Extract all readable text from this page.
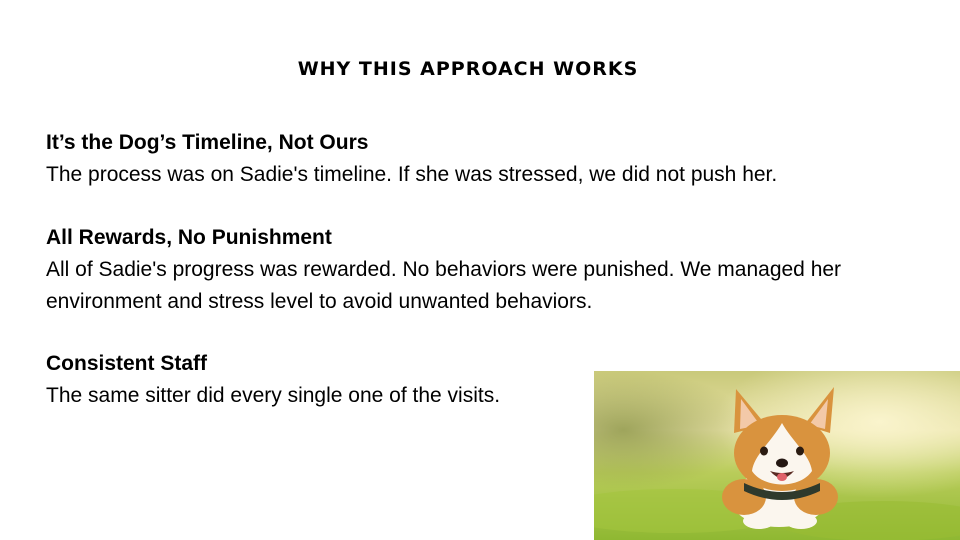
WHY THIS APPROACH WORKS
It’s the Dog’s Timeline, Not Ours
The process was on Sadie's timeline. If she was stressed, we did not push her.
All Rewards, No Punishment
All of Sadie's progress was rewarded. No behaviors were punished. We managed her environment and stress level to avoid unwanted behaviors.
Consistent Staff
The same sitter did every single one of the visits.
